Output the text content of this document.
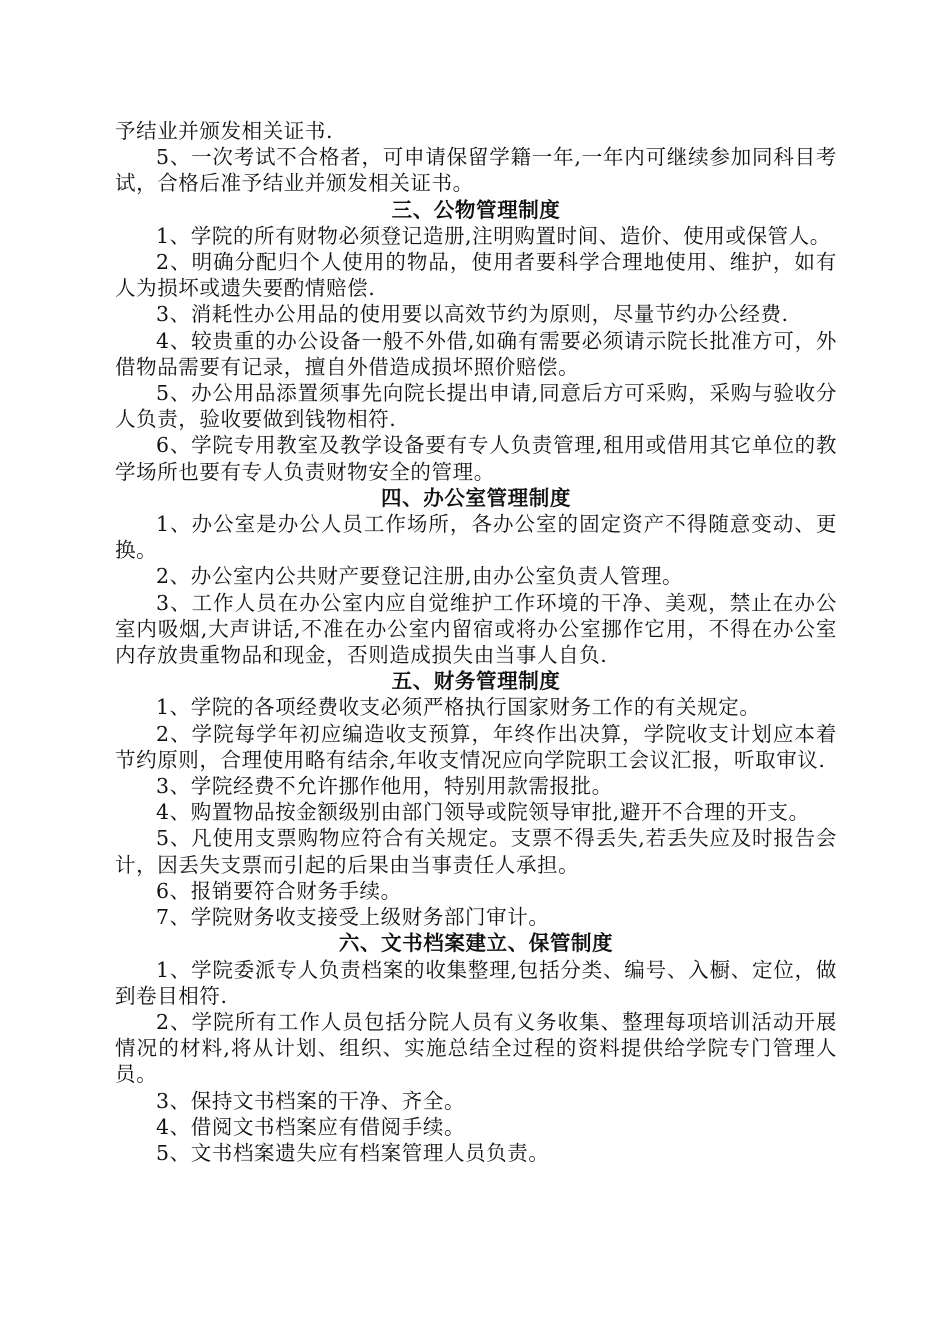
予结业并颁发相关证书.

5、一次考试不合格者，可申请保留学籍一年,一年内可继续参加同科目考试，合格后准予结业并颁发相关证书。

三、公物管理制度

1、学院的所有财物必须登记造册,注明购置时间、造价、使用或保管人。

2、明确分配归个人使用的物品，使用者要科学合理地使用、维护，如有人为损坏或遗失要酌情赔偿.

3、消耗性办公用品的使用要以高效节约为原则，尽量节约办公经费.

4、较贵重的办公设备一般不外借,如确有需要必须请示院长批准方可，外借物品需要有记录，擅自外借造成损坏照价赔偿。

5、办公用品添置须事先向院长提出申请,同意后方可采购，采购与验收分人负责，验收要做到钱物相符.

6、学院专用教室及教学设备要有专人负责管理,租用或借用其它单位的教学场所也要有专人负责财物安全的管理。

四、办公室管理制度

1、办公室是办公人员工作场所，各办公室的固定资产不得随意变动、更换。

2、办公室内公共财产要登记注册,由办公室负责人管理。

3、工作人员在办公室内应自觉维护工作环境的干净、美观，禁止在办公室内吸烟,大声讲话,不准在办公室内留宿或将办公室挪作它用，不得在办公室内存放贵重物品和现金，否则造成损失由当事人自负.

五、财务管理制度

1、学院的各项经费收支必须严格执行国家财务工作的有关规定。

2、学院每学年初应编造收支预算，年终作出决算，学院收支计划应本着节约原则，合理使用略有结余,年收支情况应向学院职工会议汇报，听取审议.

3、学院经费不允许挪作他用，特别用款需报批。

4、购置物品按金额级别由部门领导或院领导审批,避开不合理的开支。

5、凡使用支票购物应符合有关规定。支票不得丢失,若丢失应及时报告会计，因丢失支票而引起的后果由当事责任人承担。

6、报销要符合财务手续。

7、学院财务收支接受上级财务部门审计。

六、文书档案建立、保管制度

1、学院委派专人负责档案的收集整理,包括分类、编号、入橱、定位，做到卷目相符.

2、学院所有工作人员包括分院人员有义务收集、整理每项培训活动开展情况的材料,将从计划、组织、实施总结全过程的资料提供给学院专门管理人员。

3、保持文书档案的干净、齐全。

4、借阅文书档案应有借阅手续。

5、文书档案遗失应有档案管理人员负责。
